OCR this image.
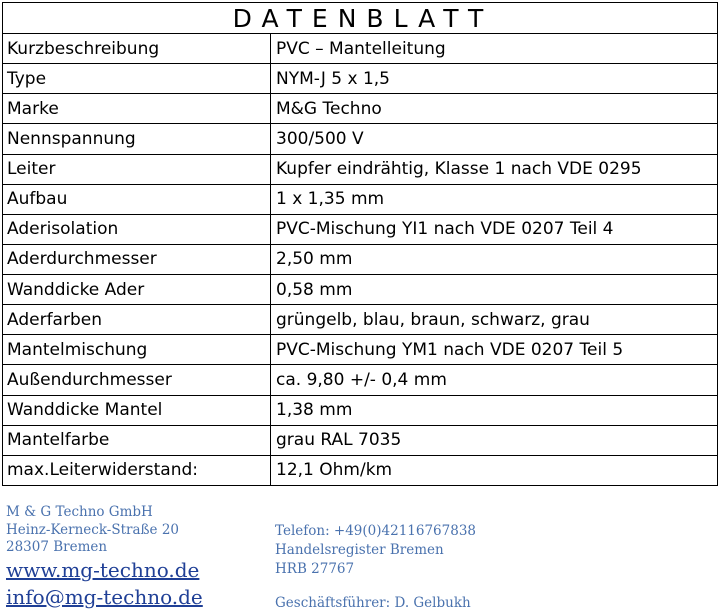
DATENBLATT	
Kurzbeschreibung	PVC – Mantelleitung
Type	NYM-J 5 x 1,5
Marke	M&G Techno
Nennspannung	300/500 V
Leiter	Kupfer eindrähtig, Klasse 1 nach VDE 0295
Aufbau	1 x 1,35 mm
Aderisolation	PVC-Mischung YI1 nach VDE 0207 Teil 4
Aderdurchmesser	2,50 mm
Wanddicke Ader	0,58 mm
Aderfarben	grüngelb, blau, braun, schwarz, grau
Mantelmischung	PVC-Mischung YM1 nach VDE 0207 Teil 5
Außendurchmesser	ca. 9,80 +/- 0,4 mm
Wanddicke Mantel	1,38 mm
Mantelfarbe	grau RAL 7035
max.Leiterwiderstand:	12,1 Ohm/km
M & G Techno GmbH
Heinz-Kerneck-Straße 20
28307 Bremen
www.mg-techno.de
info@mg-techno.de
Telefon: +49(0)42116767838
Handelsregister Bremen
HRB 27767
Geschäftsführer: D. Gelbukh
